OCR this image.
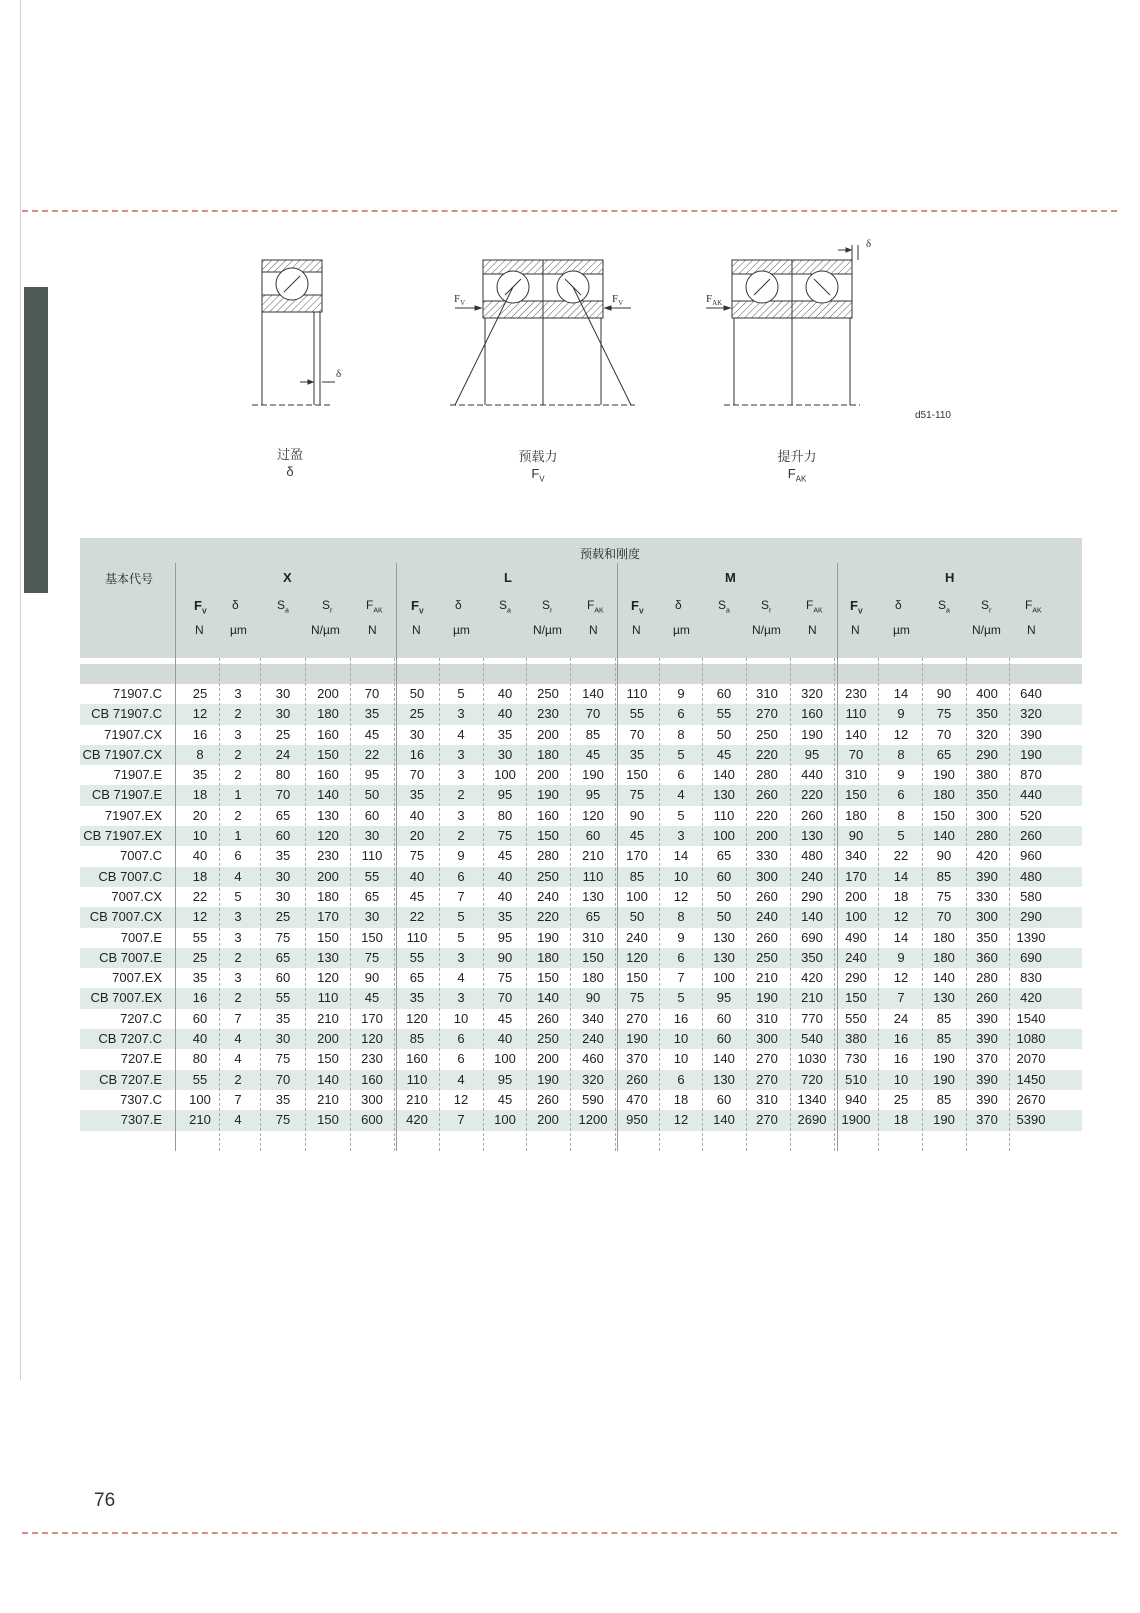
δ
δ
$F_V$	$F_V$	$F_{AK}$
d51-110
过盈
δ
预载力
$F_V$
提升力
$F_{AK}$
预载和刚度
基本代号	X
$F_V$
δ	$S_a$	$S_r$	$F_{AK}$
N µm	N/µm N
L
$F_V$
δ	$S_a$	$S_r$	$F_{AK}$
N	µm	N/µm N
M
$F_V$
δ	$S_a$	$S_r$	$F_{AK}$
N	µm	N/µm N
H
$F_V$
δ	$S_a$	$S_r$	$F_{AK}$
N	µm	N/µm N
71907.C	25	3	30	200	70	50	5	40	250	140	110	9	60	310	320	230	14	90	400	640
CB 71907.C	12	2	30	180	35	25	3	40	230	70	55	6	55	270	160	110	9	75	350	320
71907.CX	16	3	25	160	45	30	4	35	200	85	70	8	50	250	190	140	12	70	320	390
CB 71907.CX	8	2	24	150	22	16	3	30	180	45	35	5	45	220	95	70	8	65	290	190
71907.E	35	2	80	160	95	70	3	100	200	190	150	6	140	280	440	310	9	190	380	870
CB 71907.E	18	1	70	140	50	35	2	95	190	95	75	4	130	260	220	150	6	180	350	440
71907.EX	20	2	65	130	60	40	3	80	160	120	90	5	110	220	260	180	8	150	300	520
CB 71907.EX	10	1	60	120	30	20	2	75	150	60	45	3	100	200	130	90	5	140	280	260
7007.C	40	6	35	230	110	75	9	45	280	210	170	14	65	330	480	340	22	90	420	960
CB 7007.C	18	4	30	200	55	40	6	40	250	110	85	10	60	300	240	170	14	85	390	480
7007.CX	22	5	30	180	65	45	7	40	240	130	100	12	50	260	290	200	18	75	330	580
CB 7007.CX	12	3	25	170	30	22	5	35	220	65	50	8	50	240	140	100	12	70	300	290
7007.E	55	3	75	150	150	110	5	95	190	310	240	9	130	260	690	490	14	180	350	1390
CB 7007.E	25	2	65	130	75	55	3	90	180	150	120	6	130	250	350	240	9	180	360	690
7007.EX	35	3	60	120	90	65	4	75	150	180	150	7	100	210	420	290	12	140	280	830
CB 7007.EX	16	2	55	110	45	35	3	70	140	90	75	5	95	190	210	150	7	130	260	420
7207.C	60	7	35	210	170	120	10	45	260	340	270	16	60	310	770	550	24	85	390	1540
CB 7207.C	40	4	30	200	120	85	6	40	250	240	190	10	60	300	540	380	16	85	390	1080
7207.E	80	4	75	150	230	160	6	100	200	460	370	10	140	270	1030	730	16	190	370	2070
CB 7207.E	55	2	70	140	160	110	4	95	190	320	260	6	130	270	720	510	10	190	390	1450
7307.C	100	7	35	210	300	210	12	45	260	590	470	18	60	310	1340	940	25	85	390	2670
7307.E	210	4	75	150	600	420	7	100	200	1200	950	12	140	270	2690	1900	18	190	370	5390
76
